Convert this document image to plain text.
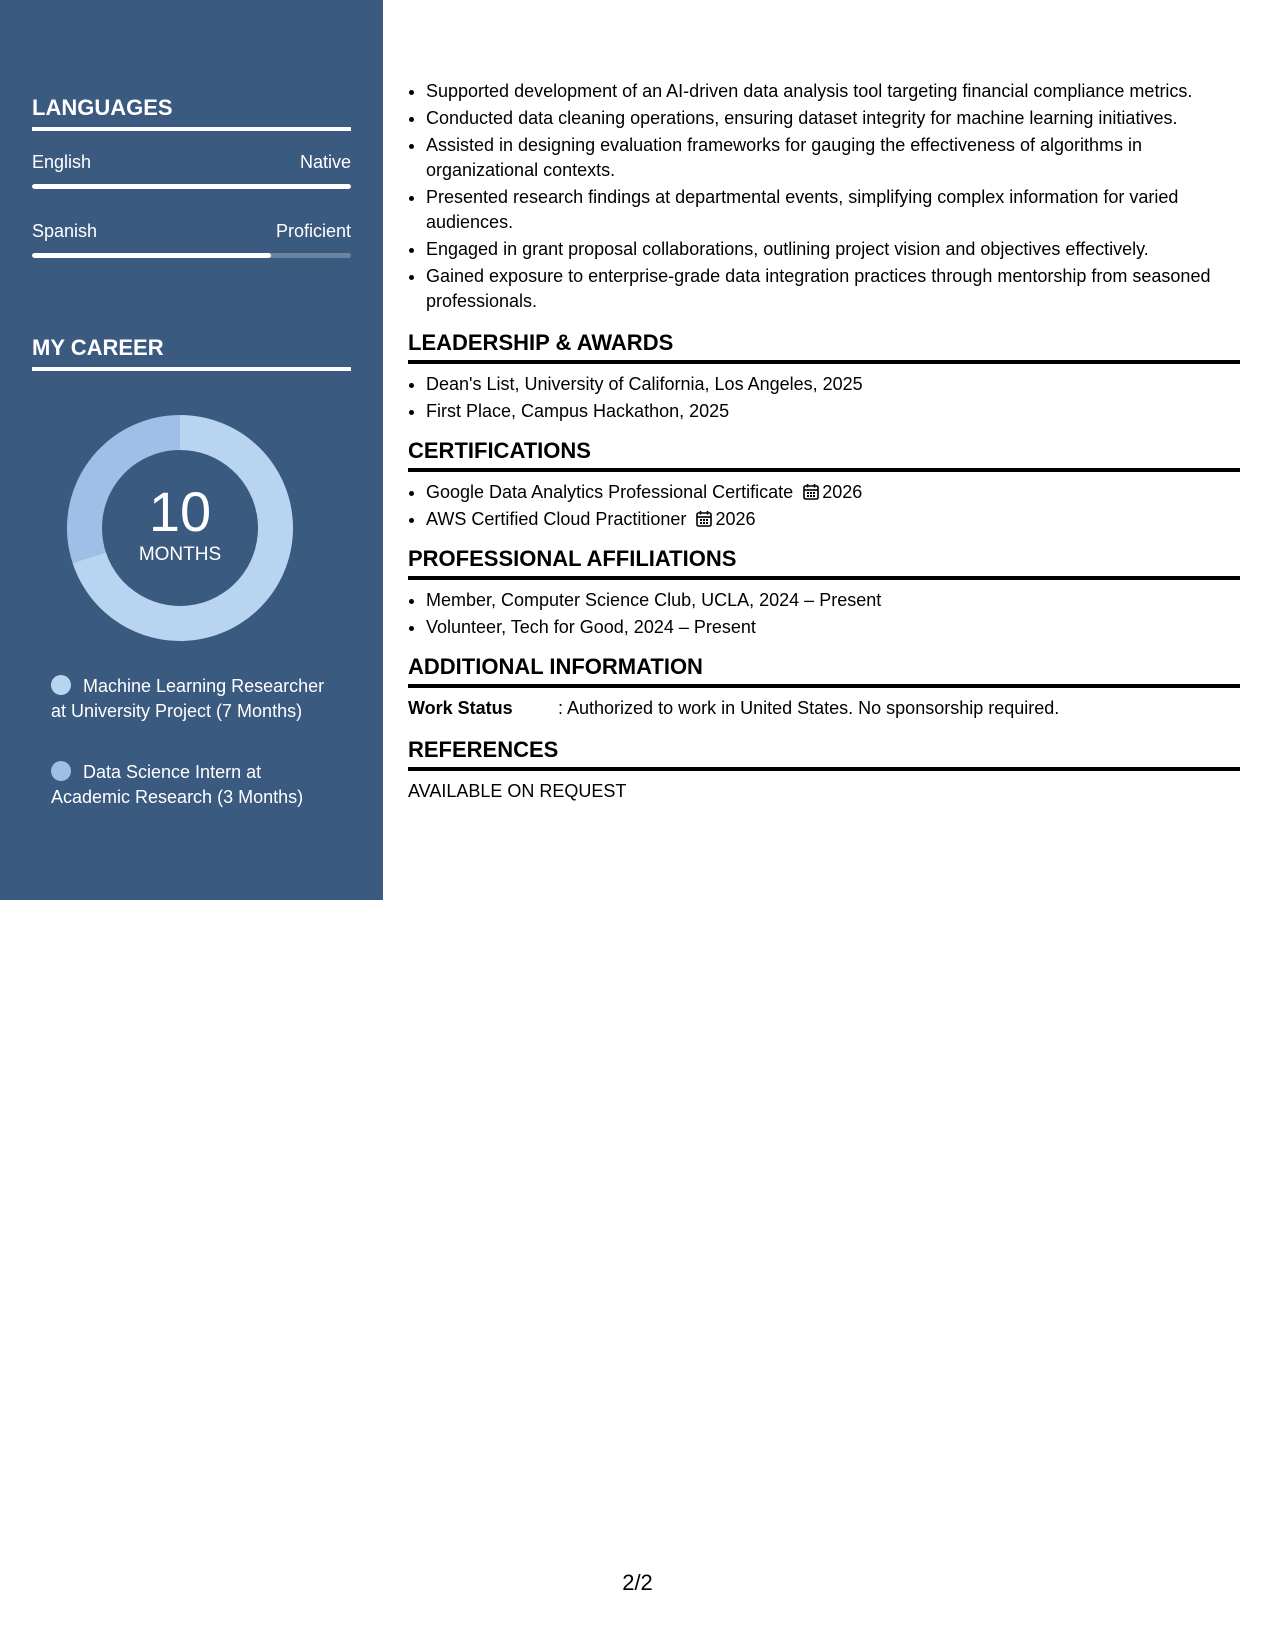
LANGUAGES
English	Native
Spanish	Proficient
MY CAREER
10
MONTHS
Machine Learning Researcher at University Project (7 Months)
Data Science Intern at Academic Research (3 Months)
• Supported development of an AI-driven data analysis tool targeting financial compliance metrics.
• Conducted data cleaning operations, ensuring dataset integrity for machine learning initiatives.
• Assisted in designing evaluation frameworks for gauging the effectiveness of algorithms in organizational contexts.
• Presented research findings at departmental events, simplifying complex information for varied audiences.
• Engaged in grant proposal collaborations, outlining project vision and objectives effectively.
• Gained exposure to enterprise-grade data integration practices through mentorship from seasoned professionals.
LEADERSHIP & AWARDS
• Dean's List, University of California, Los Angeles, 2025
• First Place, Campus Hackathon, 2025
CERTIFICATIONS
• Google Data Analytics Professional Certificate 2026
• AWS Certified Cloud Practitioner 2026
PROFESSIONAL AFFILIATIONS
• Member, Computer Science Club, UCLA, 2024 – Present
• Volunteer, Tech for Good, 2024 – Present
ADDITIONAL INFORMATION
Work Status	: Authorized to work in United States. No sponsorship required.
REFERENCES
AVAILABLE ON REQUEST
2/2
